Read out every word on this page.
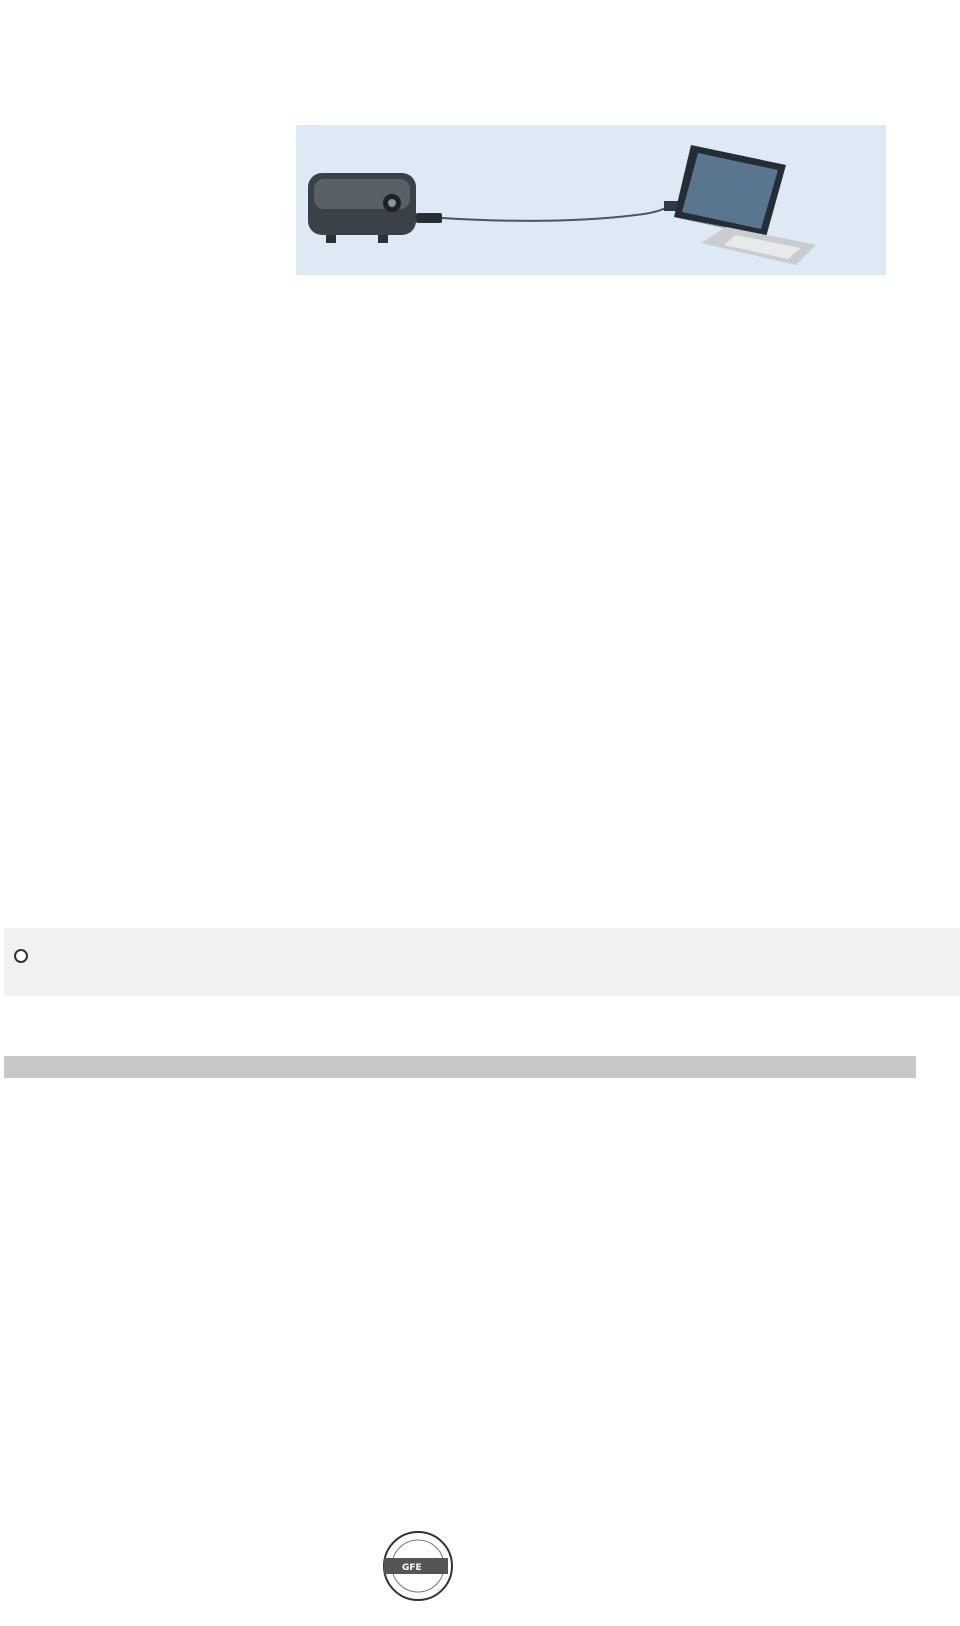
GFE
